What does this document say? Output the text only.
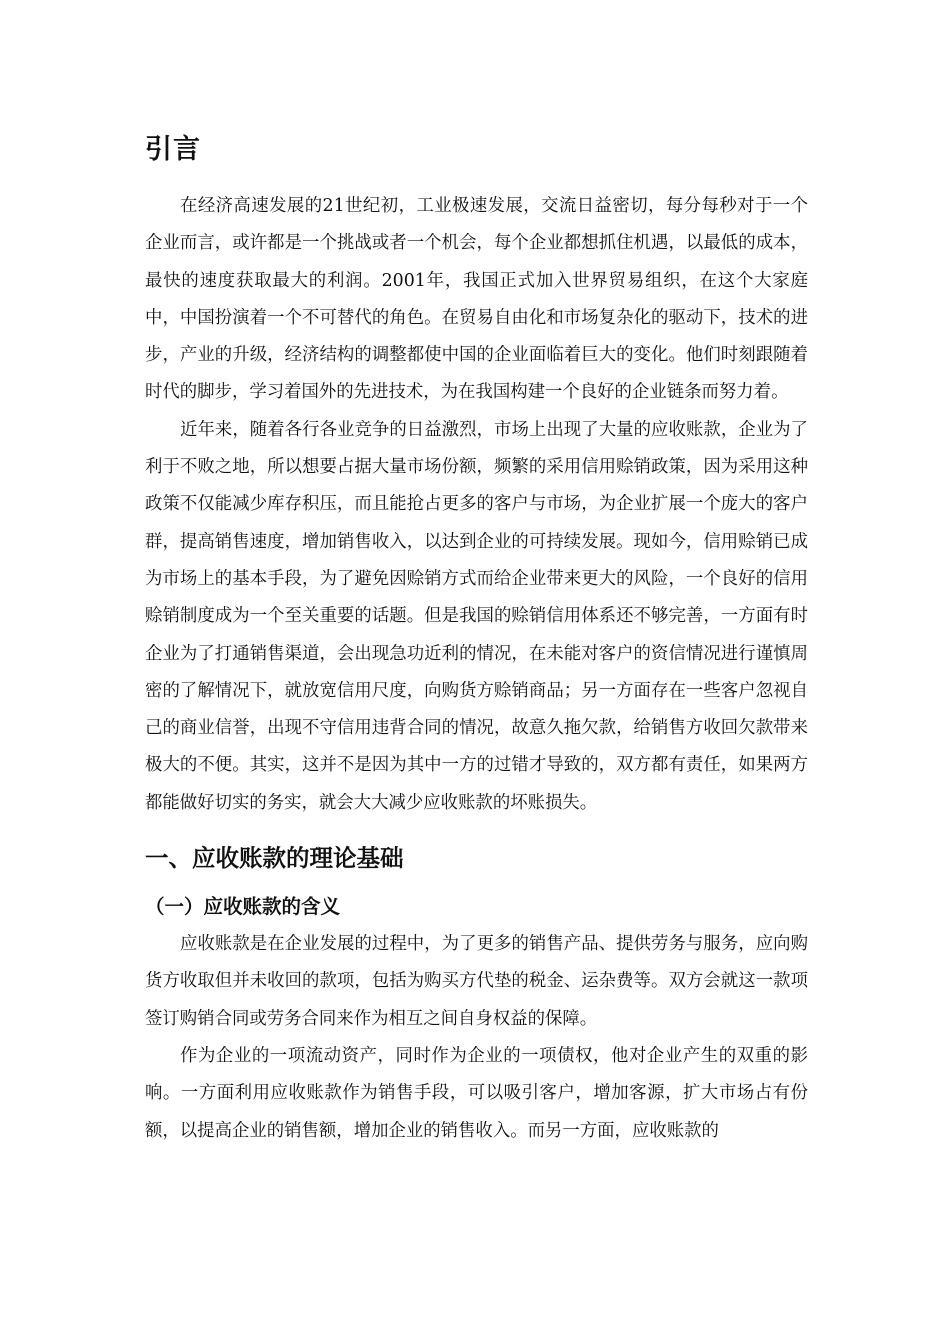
引言

在经济高速发展的21世纪初，工业极速发展，交流日益密切，每分每秒对于一个企业而言，或许都是一个挑战或者一个机会，每个企业都想抓住机遇，以最低的成本，最快的速度获取最大的利润。2001年，我国正式加入世界贸易组织，在这个大家庭中，中国扮演着一个不可替代的角色。在贸易自由化和市场复杂化的驱动下，技术的进步，产业的升级，经济结构的调整都使中国的企业面临着巨大的变化。他们时刻跟随着时代的脚步，学习着国外的先进技术，为在我国构建一个良好的企业链条而努力着。

近年来，随着各行各业竞争的日益激烈，市场上出现了大量的应收账款，企业为了利于不败之地，所以想要占据大量市场份额，频繁的采用信用赊销政策，因为采用这种政策不仅能减少库存积压，而且能抢占更多的客户与市场，为企业扩展一个庞大的客户群，提高销售速度，增加销售收入，以达到企业的可持续发展。现如今，信用赊销已成为市场上的基本手段，为了避免因赊销方式而给企业带来更大的风险，一个良好的信用赊销制度成为一个至关重要的话题。但是我国的赊销信用体系还不够完善，一方面有时企业为了打通销售渠道，会出现急功近利的情况，在未能对客户的资信情况进行谨慎周密的了解情况下，就放宽信用尺度，向购货方赊销商品；另一方面存在一些客户忽视自己的商业信誉，出现不守信用违背合同的情况，故意久拖欠款，给销售方收回欠款带来极大的不便。其实，这并不是因为其中一方的过错才导致的，双方都有责任，如果两方都能做好切实的务实，就会大大减少应收账款的坏账损失。

一、应收账款的理论基础
（一）应收账款的含义

应收账款是在企业发展的过程中，为了更多的销售产品、提供劳务与服务，应向购货方收取但并未收回的款项，包括为购买方代垫的税金、运杂费等。双方会就这一款项签订购销合同或劳务合同来作为相互之间自身权益的保障。

作为企业的一项流动资产，同时作为企业的一项债权，他对企业产生的双重的影响。一方面利用应收账款作为销售手段，可以吸引客户，增加客源，扩大市场占有份额，以提高企业的销售额，增加企业的销售收入。而另一方面，应收账款的
